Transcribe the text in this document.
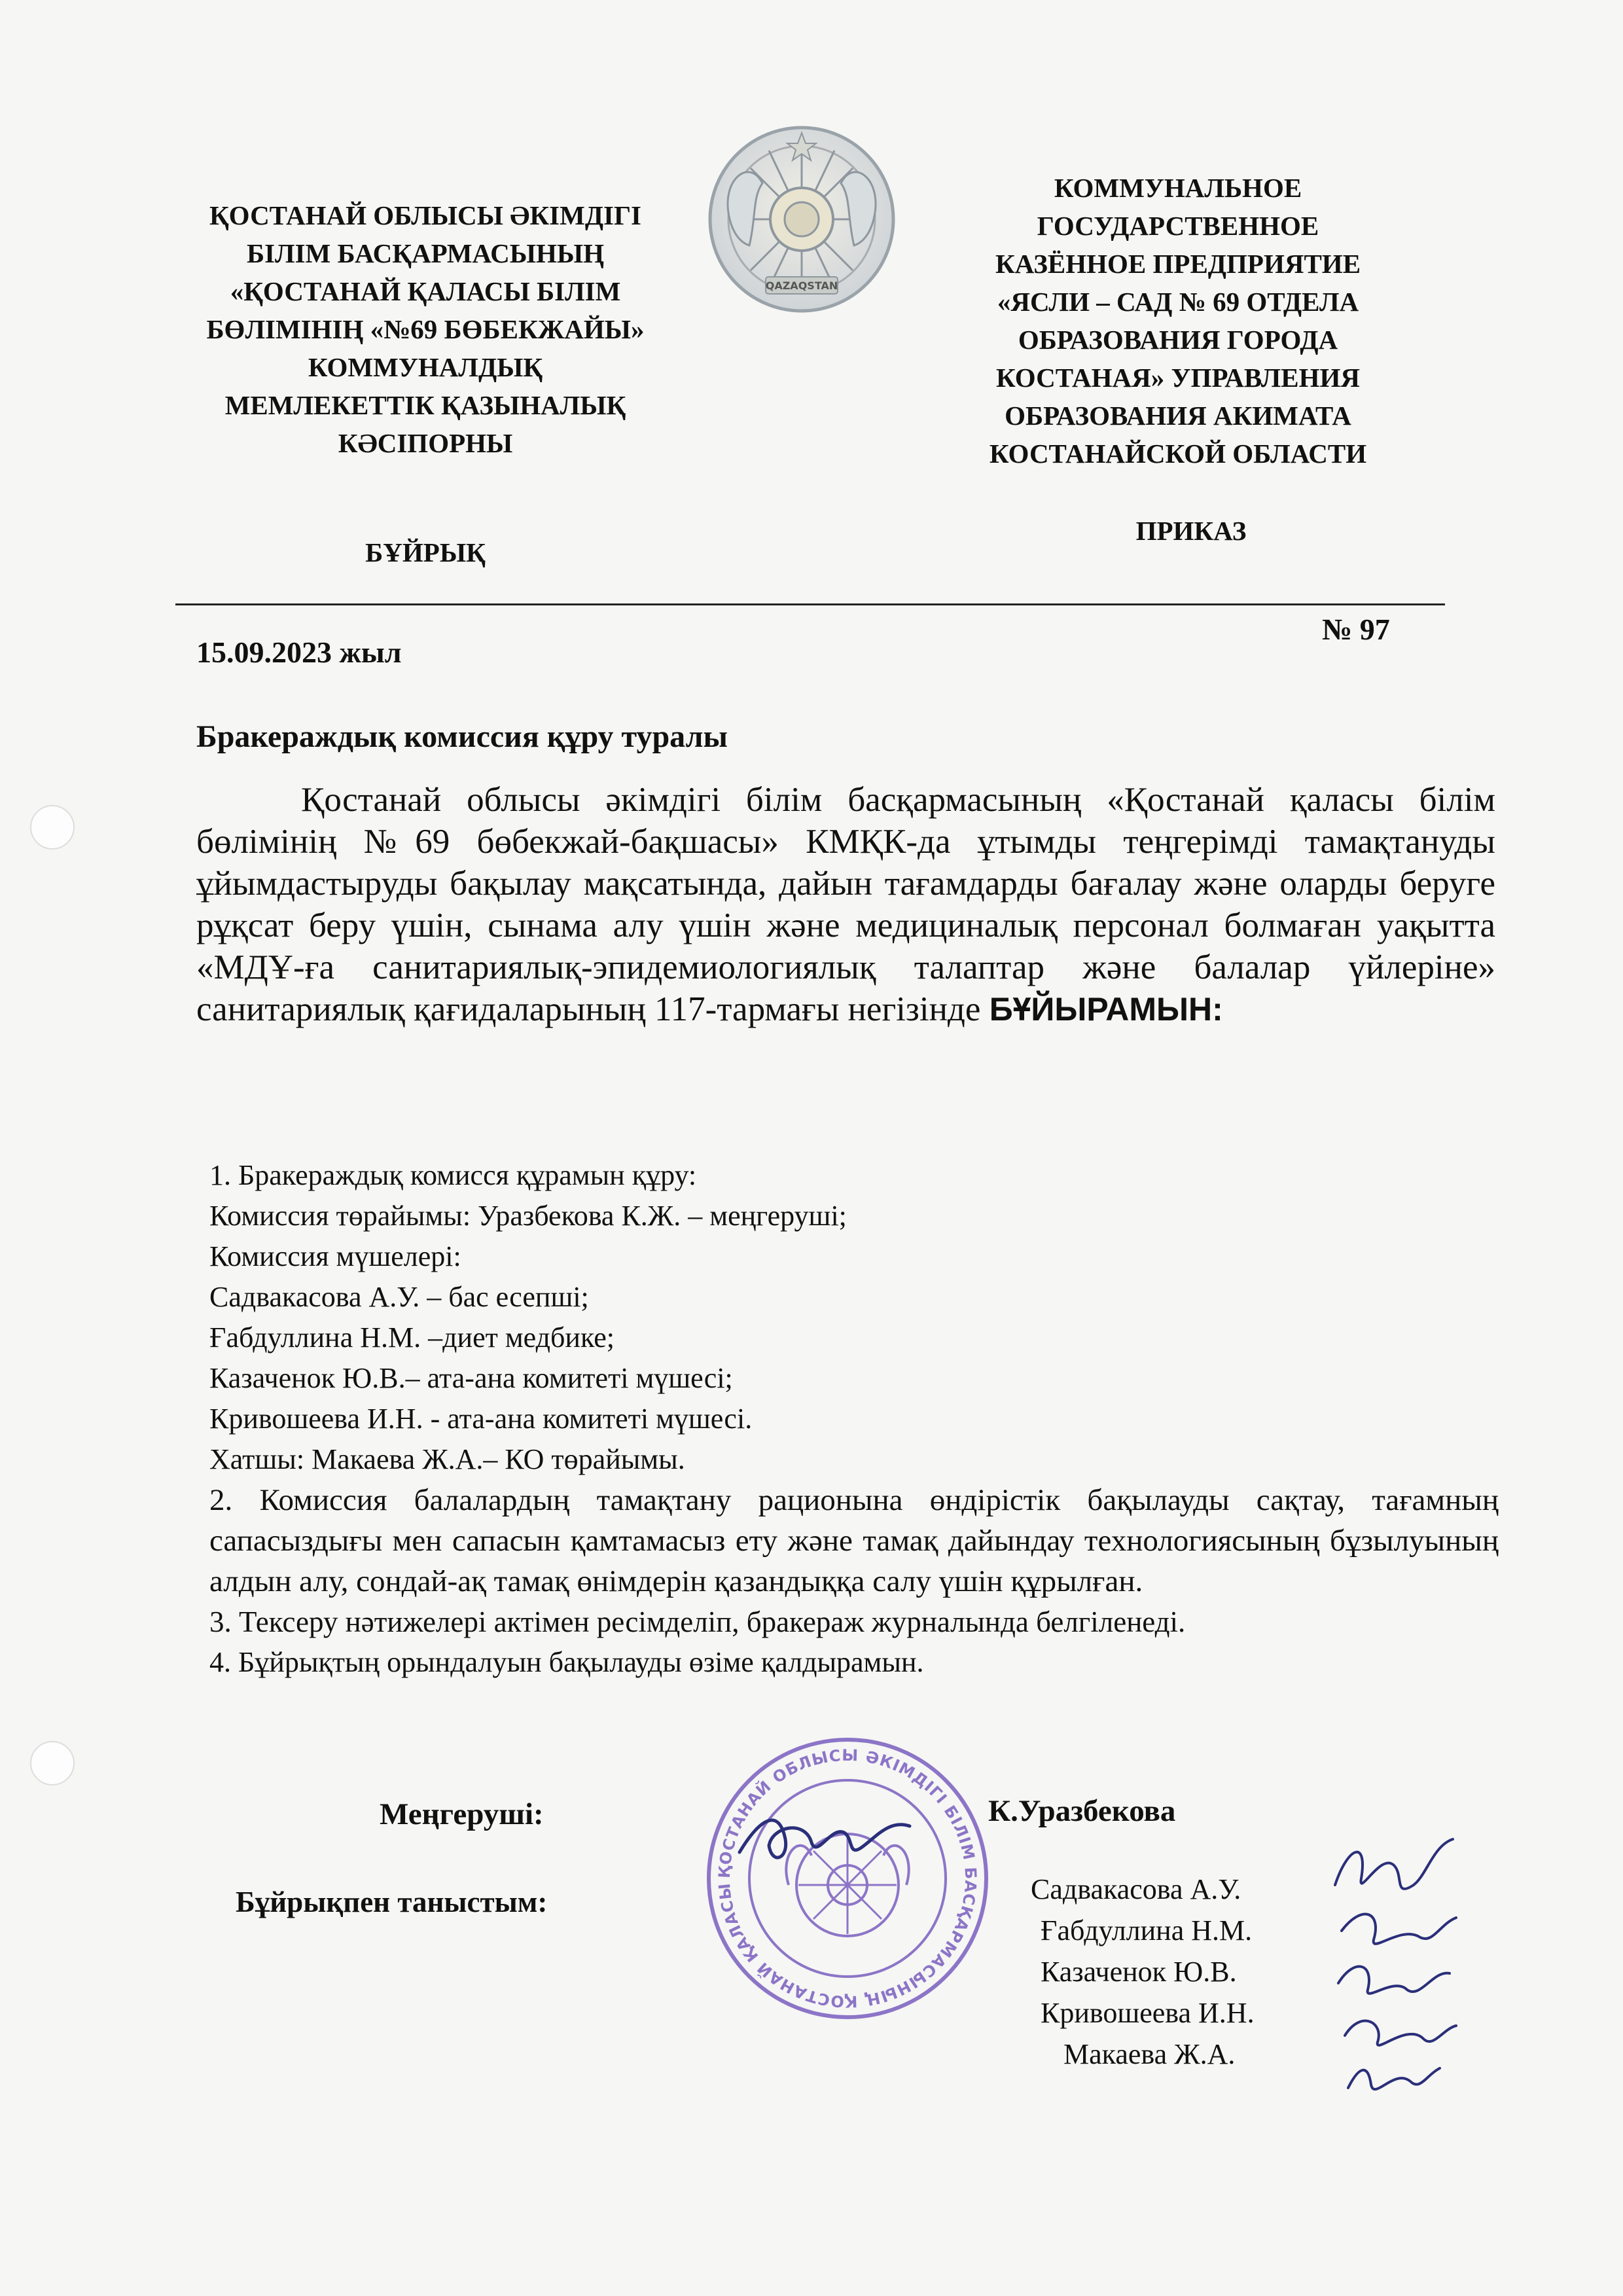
ҚОСТАНАЙ ОБЛЫСЫ ӘКІМДІГІ
БІЛІМ БАСҚАРМАСЫНЫҢ
«ҚОСТАНАЙ ҚАЛАСЫ БІЛІМ
БӨЛІМІНІҢ «№69 БӨБЕКЖАЙЫ»
КОММУНАЛДЫҚ
МЕМЛЕКЕТТІК ҚАЗЫНАЛЫҚ
КӘСІПОРНЫ
QAZAQSTAN
КОММУНАЛЬНОЕ
ГОСУДАРСТВЕННОЕ
КАЗЁННОЕ ПРЕДПРИЯТИЕ
«ЯСЛИ – САД № 69 ОТДЕЛА
ОБРАЗОВАНИЯ ГОРОДА
КОСТАНАЯ» УПРАВЛЕНИЯ
ОБРАЗОВАНИЯ АКИМАТА
КОСТАНАЙСКОЙ ОБЛАСТИ
БҰЙРЫҚ
ПРИКАЗ
15.09.2023 жыл
№ 97
Бракераждық комиссия құру туралы
Қостанай облысы әкімдігі білім басқармасының «Қостанай қаласы білім бөлімінің №69 бөбекжай-бақшасы» КМҚК-да ұтымды теңгерімді тамақтануды ұйымдастыруды бақылау мақсатында, дайын тағамдарды бағалау және оларды беруге рұқсат беру үшін, сынама алу үшін және медициналық персонал болмаған уақытта «МДҰ-ға санитариялық-эпидемиологиялық талаптар және балалар үйлеріне» санитариялық қағидаларының 117-тармағы негізінде БҰЙЫРАМЫН:
1. Бракераждық комисся құрамын құру:
Комиссия төрайымы: Уразбекова К.Ж. – меңгеруші;
Комиссия мүшелері:
Садвакасова А.У. – бас есепші;
Ғабдуллина Н.М. –диет медбике;
Казаченок Ю.В.– ата-ана комитеті мүшесі;
Кривошеева И.Н. - ата-ана комитеті мүшесі.
Хатшы: Макаева Ж.А.– КО төрайымы.
2. Комиссия балалардың тамақтану рационына өндірістік бақылауды сақтау, тағамның сапасыздығы мен сапасын қамтамасыз ету және тамақ дайындау технологиясының бұзылуының алдын алу, сондай-ақ тамақ өнімдерін қазандыққа салу үшін құрылған.
3. Тексеру нәтижелері актімен ресімделіп, бракераж журналында белгіленеді.
4. Бұйрықтың орындалуын бақылауды өзіме қалдырамын.
ҚОСТАНАЙ ОБЛЫСЫ ӘКІМДІГІ БІЛІМ БАСҚАРМАСЫНЫҢ ҚОСТАНАЙ ҚАЛАСЫ
Меңгеруші:	К.Уразбекова
Бұйрықпен таныстым:	Садвакасова А.У.
Ғабдуллина Н.М.
Казаченок Ю.В.
Кривошеева И.Н.
Макаева Ж.А.
